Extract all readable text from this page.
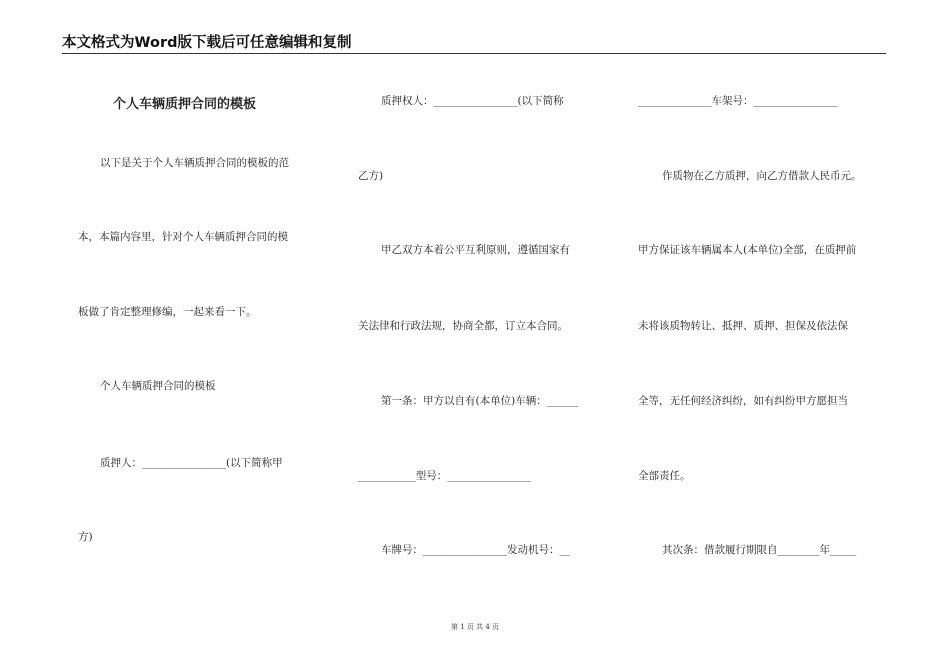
本文格式为Word版下载后可任意编辑和复制
个人车辆质押合同的模板
以下是关于个人车辆质押合同的模板的范
本，本篇内容里，针对个人车辆质押合同的模
板做了肯定整理修编，一起来看一下。
个人车辆质押合同的模板
质押人：________________(以下简称甲
方)
质押权人：________________(以下简称
乙方)
甲乙双方本着公平互利原则，遵循国家有
关法律和行政法规，协商全都，订立本合同。
第一条：甲方以自有(本单位)车辆：______
___________型号：________________
车牌号：________________发动机号：__
______________车架号：________________
作质物在乙方质押，向乙方借款人民币元。
甲方保证该车辆属本人(本单位)全部，在质押前
未将该质物转让、抵押、质押、担保及依法保
全等，无任何经济纠纷，如有纠纷甲方愿担当
全部责任。
其次条：借款履行期限自________年_____
第 1 页 共 4 页
